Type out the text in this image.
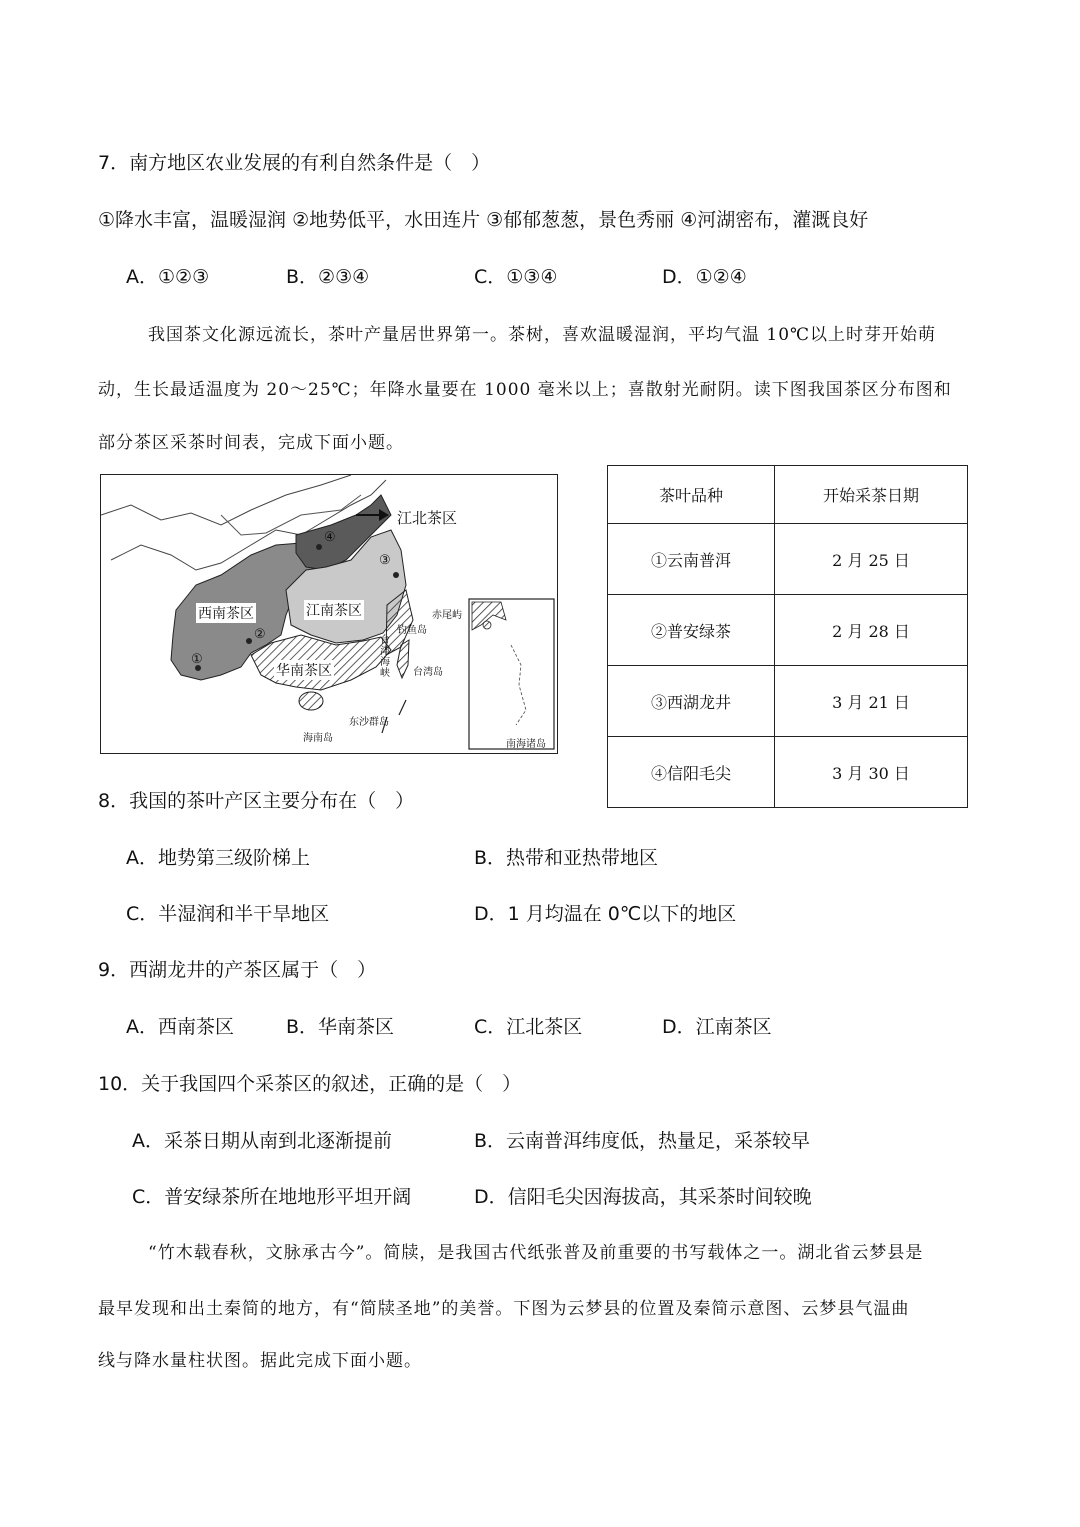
7．南方地区农业发展的有利自然条件是（　）
①降水丰富，温暖湿润 ②地势低平，水田连片 ③郁郁葱葱，景色秀丽 ④河湖密布，灌溉良好
A．①②③	B．②③④	C．①③④	D．①②④
我国茶文化源远流长，茶叶产量居世界第一。茶树，喜欢温暖湿润，平均气温 10℃以上时芽开始萌
动，生长最适温度为 20～25℃；年降水量要在 1000 毫米以上；喜散射光耐阴。读下图我国茶区分布图和
部分茶区采茶时间表，完成下面小题。
江北茶区
西南茶区	江南茶区
华南茶区
赤尾屿
钓鱼岛
台湾海峡 台湾岛
东沙群岛
海南岛
南海诸岛
①
②
③
④
茶叶品种	开始采茶日期
①云南普洱	2 月 25 日
②普安绿茶	2 月 28 日
③西湖龙井	3 月 21 日
④信阳毛尖	3 月 30 日
8．我国的茶叶产区主要分布在（　）
A．地势第三级阶梯上	B．热带和亚热带地区
C．半湿润和半干旱地区	D．1 月均温在 0℃以下的地区
9．西湖龙井的产茶区属于（　）
A．西南茶区	B．华南茶区	C．江北茶区	D．江南茶区
10．关于我国四个采茶区的叙述，正确的是（　）
A．采茶日期从南到北逐渐提前	B．云南普洱纬度低，热量足，采茶较早
C．普安绿茶所在地地形平坦开阔	D．信阳毛尖因海拔高，其采茶时间较晚
“竹木载春秋，文脉承古今”。简牍，是我国古代纸张普及前重要的书写载体之一。湖北省云梦县是
最早发现和出土秦简的地方，有“简牍圣地”的美誉。下图为云梦县的位置及秦简示意图、云梦县气温曲
线与降水量柱状图。据此完成下面小题。
